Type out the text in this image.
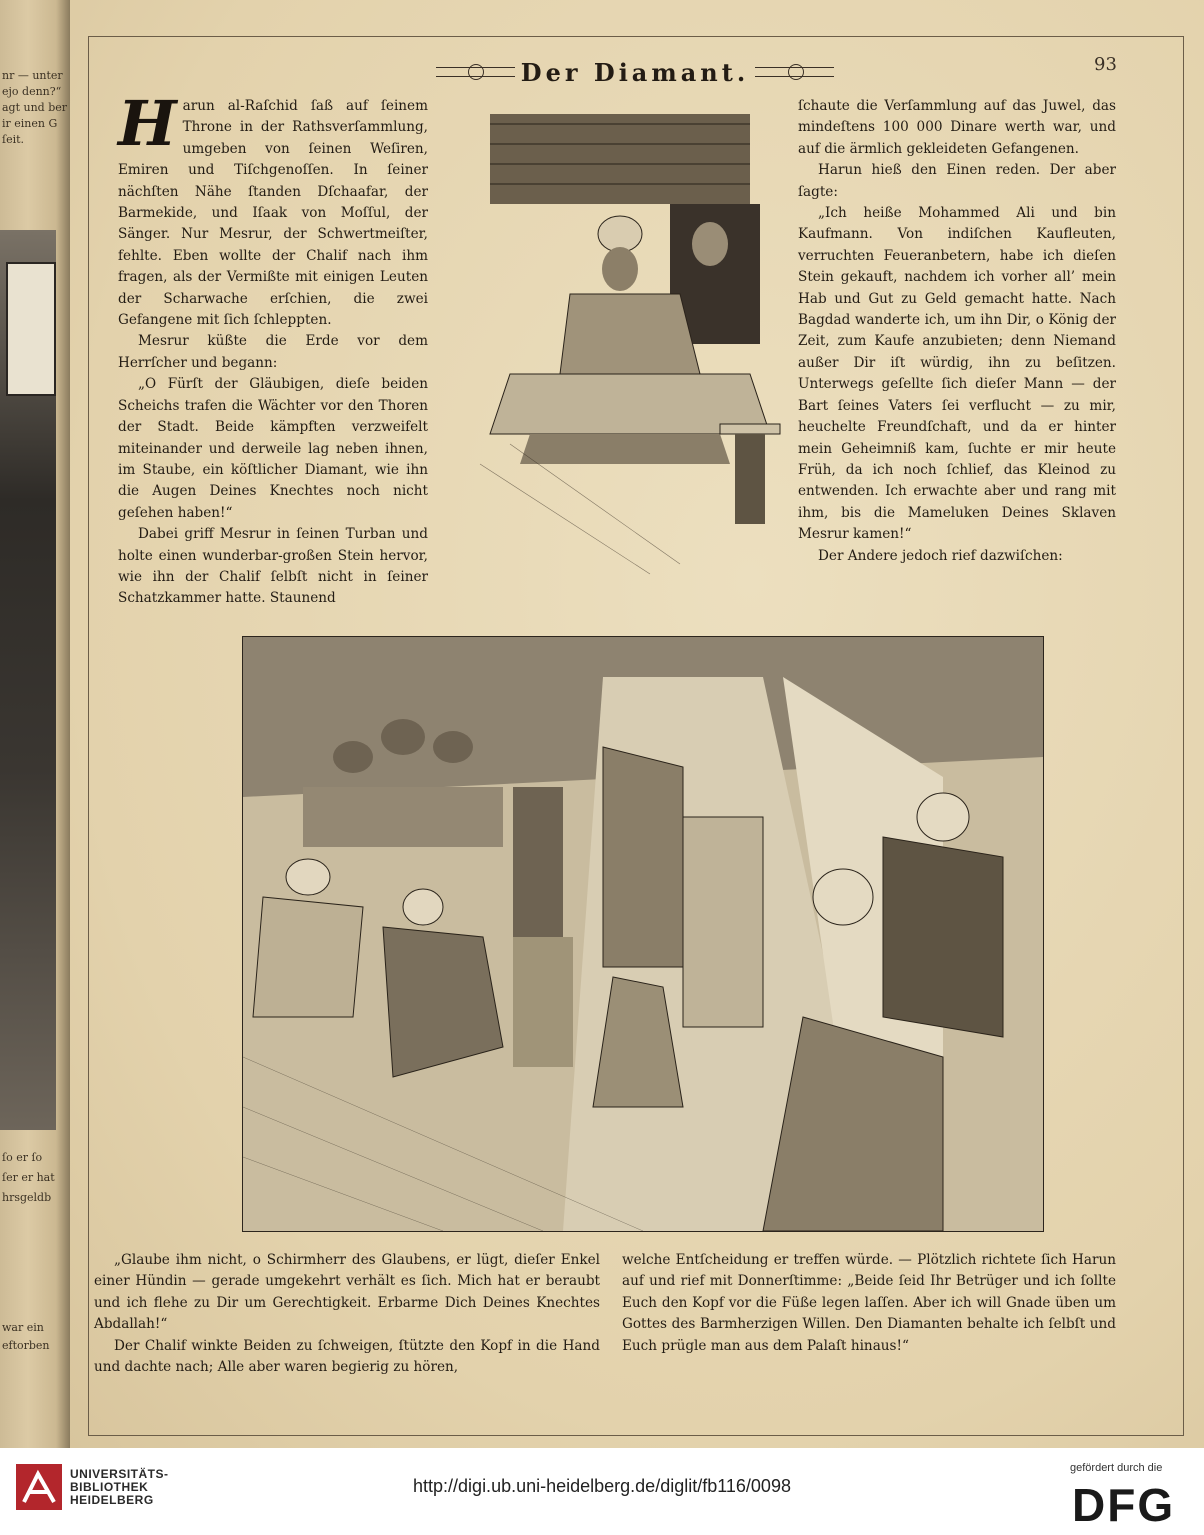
nr — unter
ejo denn?“
agt und ber
ir einen G
ſeit.
ſo er ſo
ſer er hat
hrsgeldb
war ein
eftorben
Der Diamant.	93

Harun al-Raſchid ſaß auf ſeinem Throne in der Rathsverſammlung, umgeben von ſeinen Weſiren, Emiren und Tiſchgenoſſen. In ſeiner nächſten Nähe ſtanden Dſchaafar, der Barmekide, und Iſaak von Moſſul, der Sänger. Nur Mesrur, der Schwertmeiſter, fehlte. Eben wollte der Chalif nach ihm fragen, als der Vermißte mit einigen Leuten der Scharwache erſchien, die zwei Gefangene mit ſich ſchleppten.

Mesrur küßte die Erde vor dem Herrſcher und begann:

„O Fürſt der Gläubigen, dieſe beiden Scheichs trafen die Wächter vor den Thoren der Stadt. Beide kämpften verzweifelt miteinander und derweile lag neben ihnen, im Staube, ein köſtlicher Diamant, wie ihn die Augen Deines Knechtes noch nicht geſehen haben!“

Dabei griff Mesrur in ſeinen Turban und holte einen wunderbar-großen Stein hervor, wie ihn der Chalif ſelbſt nicht in ſeiner Schatzkammer hatte. Staunend

ſchaute die Verſammlung auf das Juwel, das mindeſtens 100 000 Dinare werth war, und auf die ärmlich gekleideten Gefangenen.

Harun hieß den Einen reden. Der aber ſagte:

„Ich heiße Mohammed Ali und bin Kaufmann. Von indiſchen Kaufleuten, verruchten Feueranbetern, habe ich dieſen Stein gekauft, nachdem ich vorher all’ mein Hab und Gut zu Geld gemacht hatte. Nach Bagdad wanderte ich, um ihn Dir, o König der Zeit, zum Kaufe anzubieten; denn Niemand außer Dir iſt würdig, ihn zu beſitzen. Unterwegs geſellte ſich dieſer Mann — der Bart ſeines Vaters ſei verflucht — zu mir, heuchelte Freundſchaft, und da er hinter mein Geheimniß kam, ſuchte er mir heute Früh, da ich noch ſchlief, das Kleinod zu entwenden. Ich erwachte aber und rang mit ihm, bis die Mameluken Deines Sklaven Mesrur kamen!“

Der Andere jedoch rief dazwiſchen:

„Glaube ihm nicht, o Schirmherr des Glaubens, er lügt, dieſer Enkel einer Hündin — gerade umgekehrt verhält es ſich. Mich hat er beraubt und ich flehe zu Dir um Gerechtigkeit. Erbarme Dich Deines Knechtes Abdallah!“

Der Chalif winkte Beiden zu ſchweigen, ſtützte den Kopf in die Hand und dachte nach; Alle aber waren begierig zu hören,

welche Entſcheidung er treffen würde. — Plötzlich richtete ſich Harun auf und rief mit Donnerſtimme: „Beide ſeid Ihr Betrüger und ich ſollte Euch den Kopf vor die Füße legen laſſen. Aber ich will Gnade üben um Gottes des Barmherzigen Willen. Den Diamanten behalte ich ſelbſt und Euch prügle man aus dem Palaſt hinaus!“

UNIVERSITÄTS-
BIBLIOTHEK
HEIDELBERG
http://digi.ub.uni-heidelberg.de/diglit/fb116/0098
gefördert durch die
DFG
